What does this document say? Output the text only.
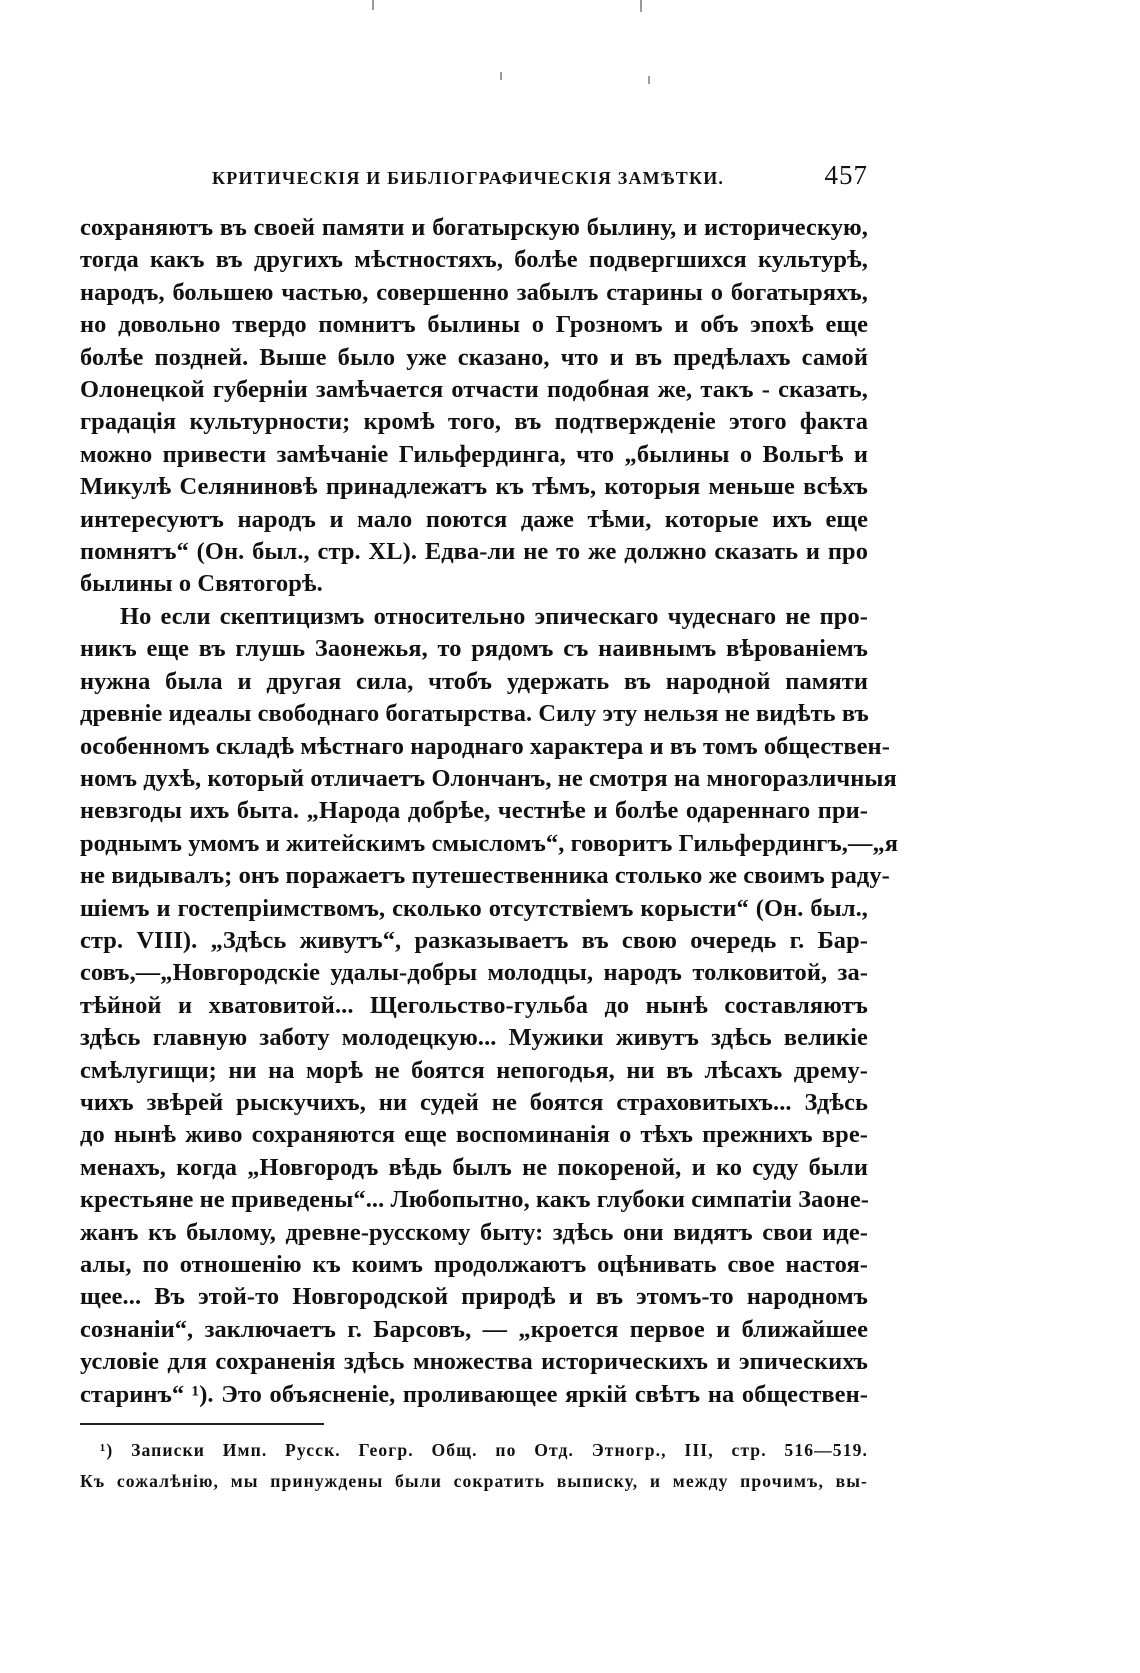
КРИТИЧЕСКІЯ И БИБЛІОГРАФИЧЕСКІЯ ЗАМѢТКИ.	457
сохраняютъ въ своей памяти и богатырскую былину, и историческую,
тогда какъ въ другихъ мѣстностяхъ, болѣе подвергшихся культурѣ,
народъ, большею частью, совершенно забылъ старины о богатыряхъ,
но довольно твердо помнитъ былины о Грозномъ и объ эпохѣ еще
болѣе поздней. Выше было уже сказано, что и въ предѣлахъ самой
Олонецкой губерніи замѣчается отчасти подобная же, такъ - сказать,
градація культурности; кромѣ того, въ подтвержденіе этого факта
можно привести замѣчаніе Гильфердинга, что „былины о Вольгѣ и
Микулѣ Селяниновѣ принадлежатъ къ тѣмъ, которыя меньше всѣхъ
интересуютъ народъ и мало поются даже тѣми, которые ихъ еще
помнятъ“ (Он. был., стр. XL). Едва-ли не то же должно сказать и про
былины о Святогорѣ.
Но если скептицизмъ относительно эпическаго чудеснаго не про-
никъ еще въ глушь Заонежья, то рядомъ съ наивнымъ вѣрованіемъ
нужна была и другая сила, чтобъ удержать въ народной памяти
древніе идеалы свободнаго богатырства. Силу эту нельзя не видѣть въ
особенномъ складѣ мѣстнаго народнаго характера и въ томъ обществен-
номъ духѣ, который отличаетъ Олончанъ, не смотря на многоразличныя
невзгоды ихъ быта. „Народа добрѣе, честнѣе и болѣе одареннаго при-
роднымъ умомъ и житейскимъ смысломъ“, говоритъ Гильфердингъ,—„я
не видывалъ; онъ поражаетъ путешественника столько же своимъ раду-
шіемъ и гостепріимствомъ, сколько отсутствіемъ корысти“ (Он. был.,
стр. VIII). „Здѣсь живутъ“, разказываетъ въ свою очередь г. Бар-
совъ,—„Новгородскіе удалы-добры молодцы, народъ толковитой, за-
тѣйной и хватовитой... Щегольство-гульба до нынѣ составляютъ
здѣсь главную заботу молодецкую... Мужики живутъ здѣсь великіе
смѣлугищи; ни на морѣ не боятся непогодья, ни въ лѣсахъ дрему-
чихъ звѣрей рыскучихъ, ни судей не боятся страховитыхъ... Здѣсь
до нынѣ живо сохраняются еще воспоминанія о тѣхъ прежнихъ вре-
менахъ, когда „Новгородъ вѣдь былъ не покореной, и ко суду были
крестьяне не приведены“... Любопытно, какъ глубоки симпатіи Заоне-
жанъ къ былому, древне-русскому быту: здѣсь они видятъ свои иде-
алы, по отношенію къ коимъ продолжаютъ оцѣнивать свое настоя-
щее... Въ этой-то Новгородской природѣ и въ этомъ-то народномъ
сознаніи“, заключаетъ г. Барсовъ, — „кроется первое и ближайшее
условіе для сохраненія здѣсь множества историческихъ и эпическихъ
старинъ“ ¹). Это объясненіе, проливающее яркій свѣтъ на обществен-
¹) Записки Имп. Русск. Геогр. Общ. по Отд. Этногр., III, стр. 516—519.
Къ сожалѣнію, мы принуждены были сократить выписку, и между прочимъ, вы-
